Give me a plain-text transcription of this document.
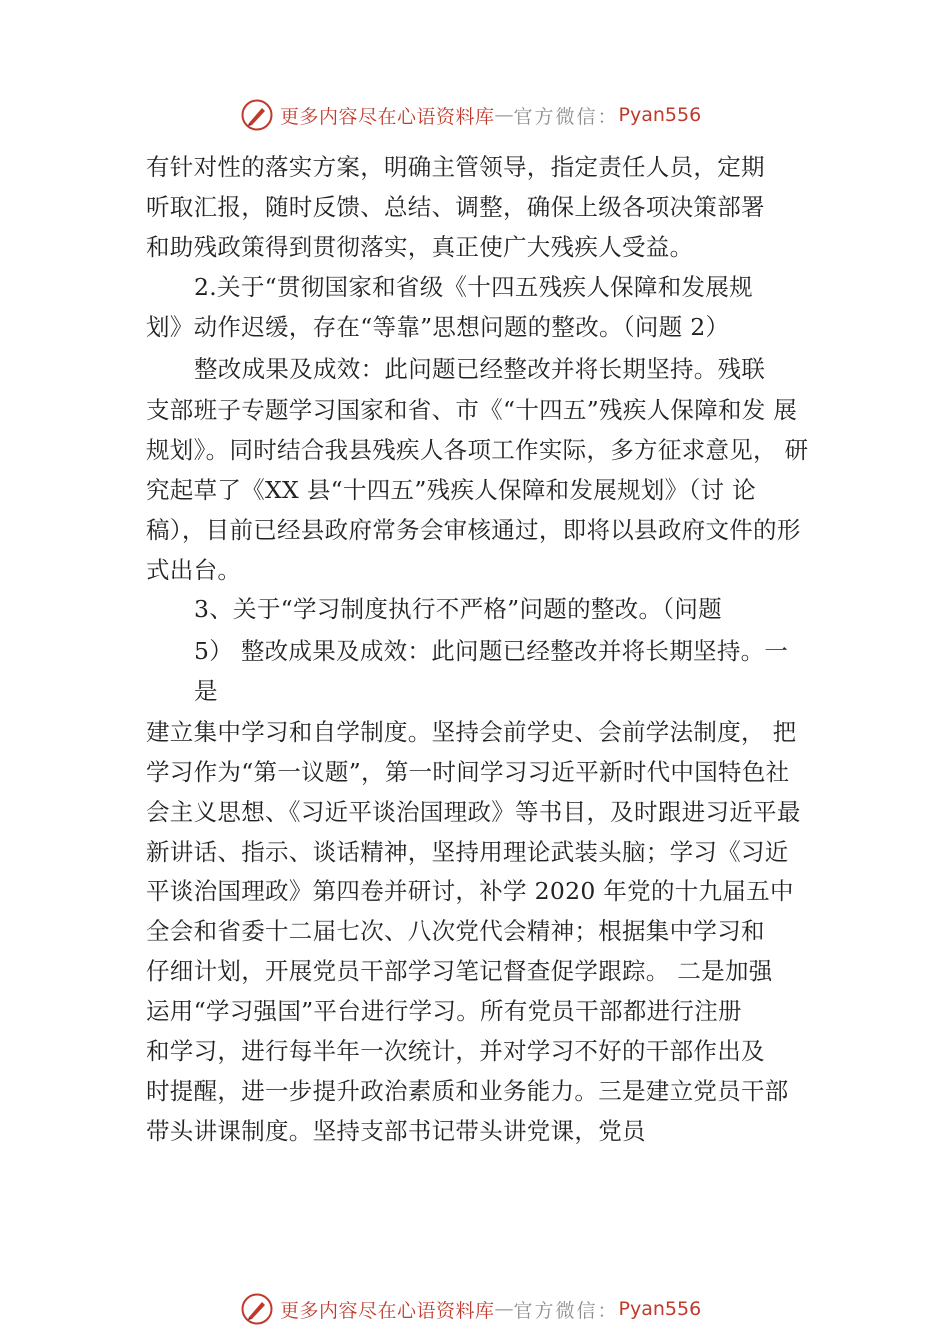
更多内容尽在心语资料库 — 官方微信： Pyan556
有针对性的落实方案，明确主管领导，指定责任人员，定期
听取汇报，随时反馈、总结、调整，确保上级各项决策部署
和助残政策得到贯彻落实，真正使广大残疾人受益。
2.关于“贯彻国家和省级《十四五残疾人保障和发展规
划》动作迟缓，存在“等靠”思想问题的整改。（问题 2）
整改成果及成效：此问题已经整改并将长期坚持。残联
支部班子专题学习国家和省、市《“十四五”残疾人保障和发 展
规划》。同时结合我县残疾人各项工作实际，多方征求意见， 研
究起草了《XX 县“十四五”残疾人保障和发展规划》（讨 论
稿），目前已经县政府常务会审核通过，即将以县政府文件的形
式出台。
3、关于“学习制度执行不严格”问题的整改。（问题
5） 整改成果及成效：此问题已经整改并将长期坚持。一
是
建立集中学习和自学制度。坚持会前学史、会前学法制度， 把
学习作为“第一议题”，第一时间学习习近平新时代中国特色社
会主义思想、《习近平谈治国理政》等书目，及时跟进习近平最
新讲话、指示、谈话精神，坚持用理论武装头脑；学习《习近
平谈治国理政》第四卷并研讨，补学 2020 年党的十九届五中
全会和省委十二届七次、八次党代会精神；根据集中学习和
仔细计划，开展党员干部学习笔记督查促学跟踪。 二是加强
运用“学习强国”平台进行学习。所有党员干部都进行注册
和学习，进行每半年一次统计，并对学习不好的干部作出及
时提醒，进一步提升政治素质和业务能力。三是建立党员干部
带头讲课制度。坚持支部书记带头讲党课，党员
更多内容尽在心语资料库 — 官方微信： Pyan556
